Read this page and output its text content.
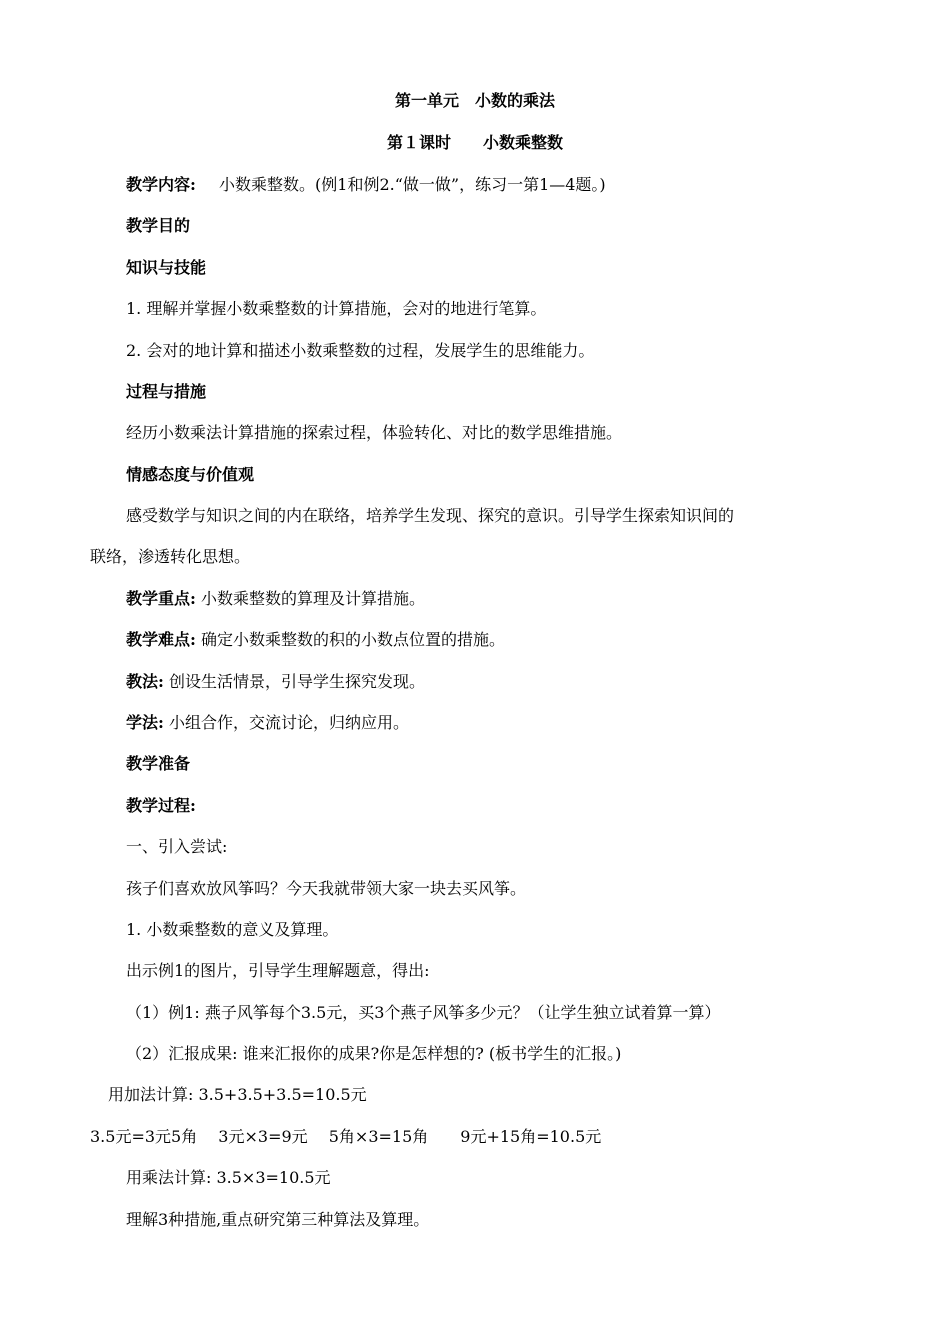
第一单元　小数的乘法
第１课时　　小数乘整数
教学内容: 小数乘整数。(例1和例2.“做一做”，练习一第1—4题。)
教学目的
知识与技能
1. 理解并掌握小数乘整数的计算措施，会对的地进行笔算。
2. 会对的地计算和描述小数乘整数的过程，发展学生的思维能力。
过程与措施
经历小数乘法计算措施的探索过程，体验转化、对比的数学思维措施。
情感态度与价值观
感受数学与知识之间的内在联络，培养学生发现、探究的意识。引导学生探索知识间的
联络，渗透转化思想。
教学重点: 小数乘整数的算理及计算措施。
教学难点: 确定小数乘整数的积的小数点位置的措施。
教法: 创设生活情景，引导学生探究发现。
学法: 小组合作，交流讨论，归纳应用。
教学准备
教学过程:
一、引入尝试:
孩子们喜欢放风筝吗？今天我就带领大家一块去买风筝。
1. 小数乘整数的意义及算理。
出示例1的图片，引导学生理解题意，得出:
（1）例1: 燕子风筝每个3.5元，买3个燕子风筝多少元？（让学生独立试着算一算）
（2）汇报成果: 谁来汇报你的成果?你是怎样想的? (板书学生的汇报。)
用加法计算: 3.5+3.5+3.5=10.5元
3.5元=3元5角　 3元×3=9元　 5角×3=15角　　9元+15角=10.5元
用乘法计算: 3.5×3=10.5元
理解3种措施,重点研究第三种算法及算理。
